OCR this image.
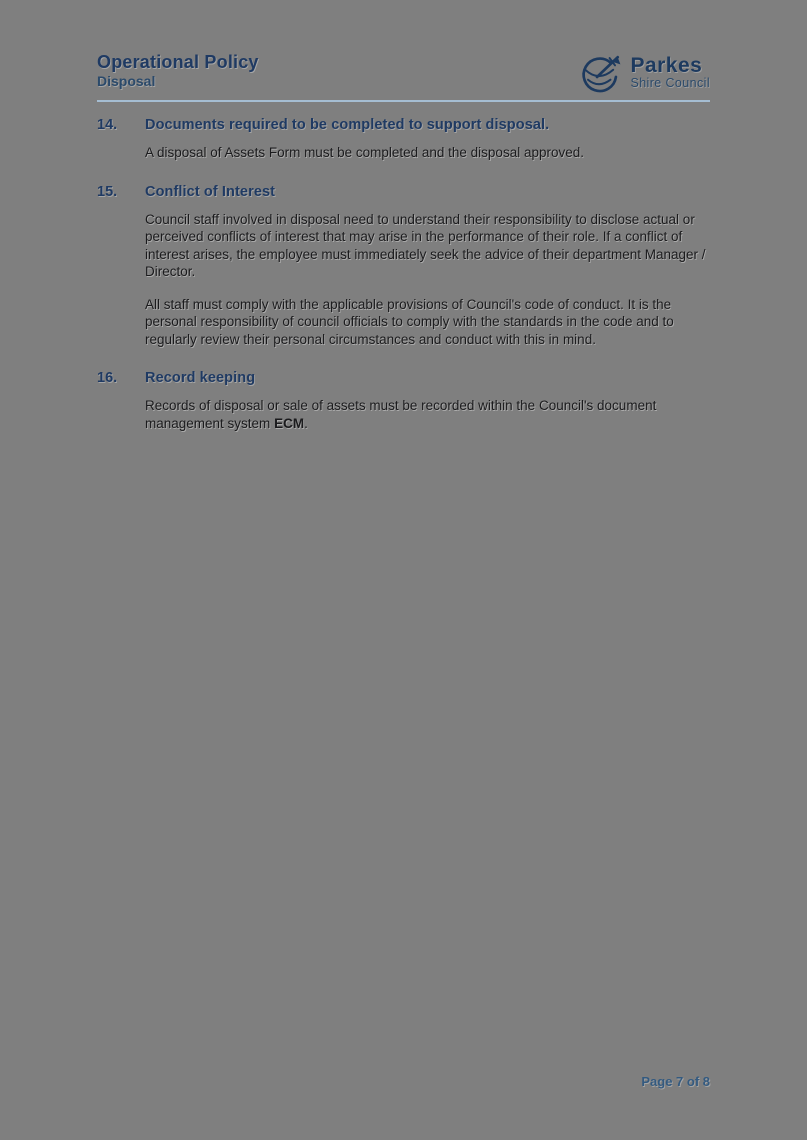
Operational Policy
Disposal
Parkes
Shire Council
14.	Documents required to be completed to support disposal.

A disposal of Assets Form must be completed and the disposal approved.

15.	Conflict of Interest

Council staff involved in disposal need to understand their responsibility to disclose actual or perceived conflicts of interest that may arise in the performance of their role. If a conflict of interest arises, the employee must immediately seek the advice of their department Manager / Director.

All staff must comply with the applicable provisions of Council's code of conduct. It is the personal responsibility of council officials to comply with the standards in the code and to regularly review their personal circumstances and conduct with this in mind.

16.	Record keeping

Records of disposal or sale of assets must be recorded within the Council's document management system ECM.

Page 7 of 8
